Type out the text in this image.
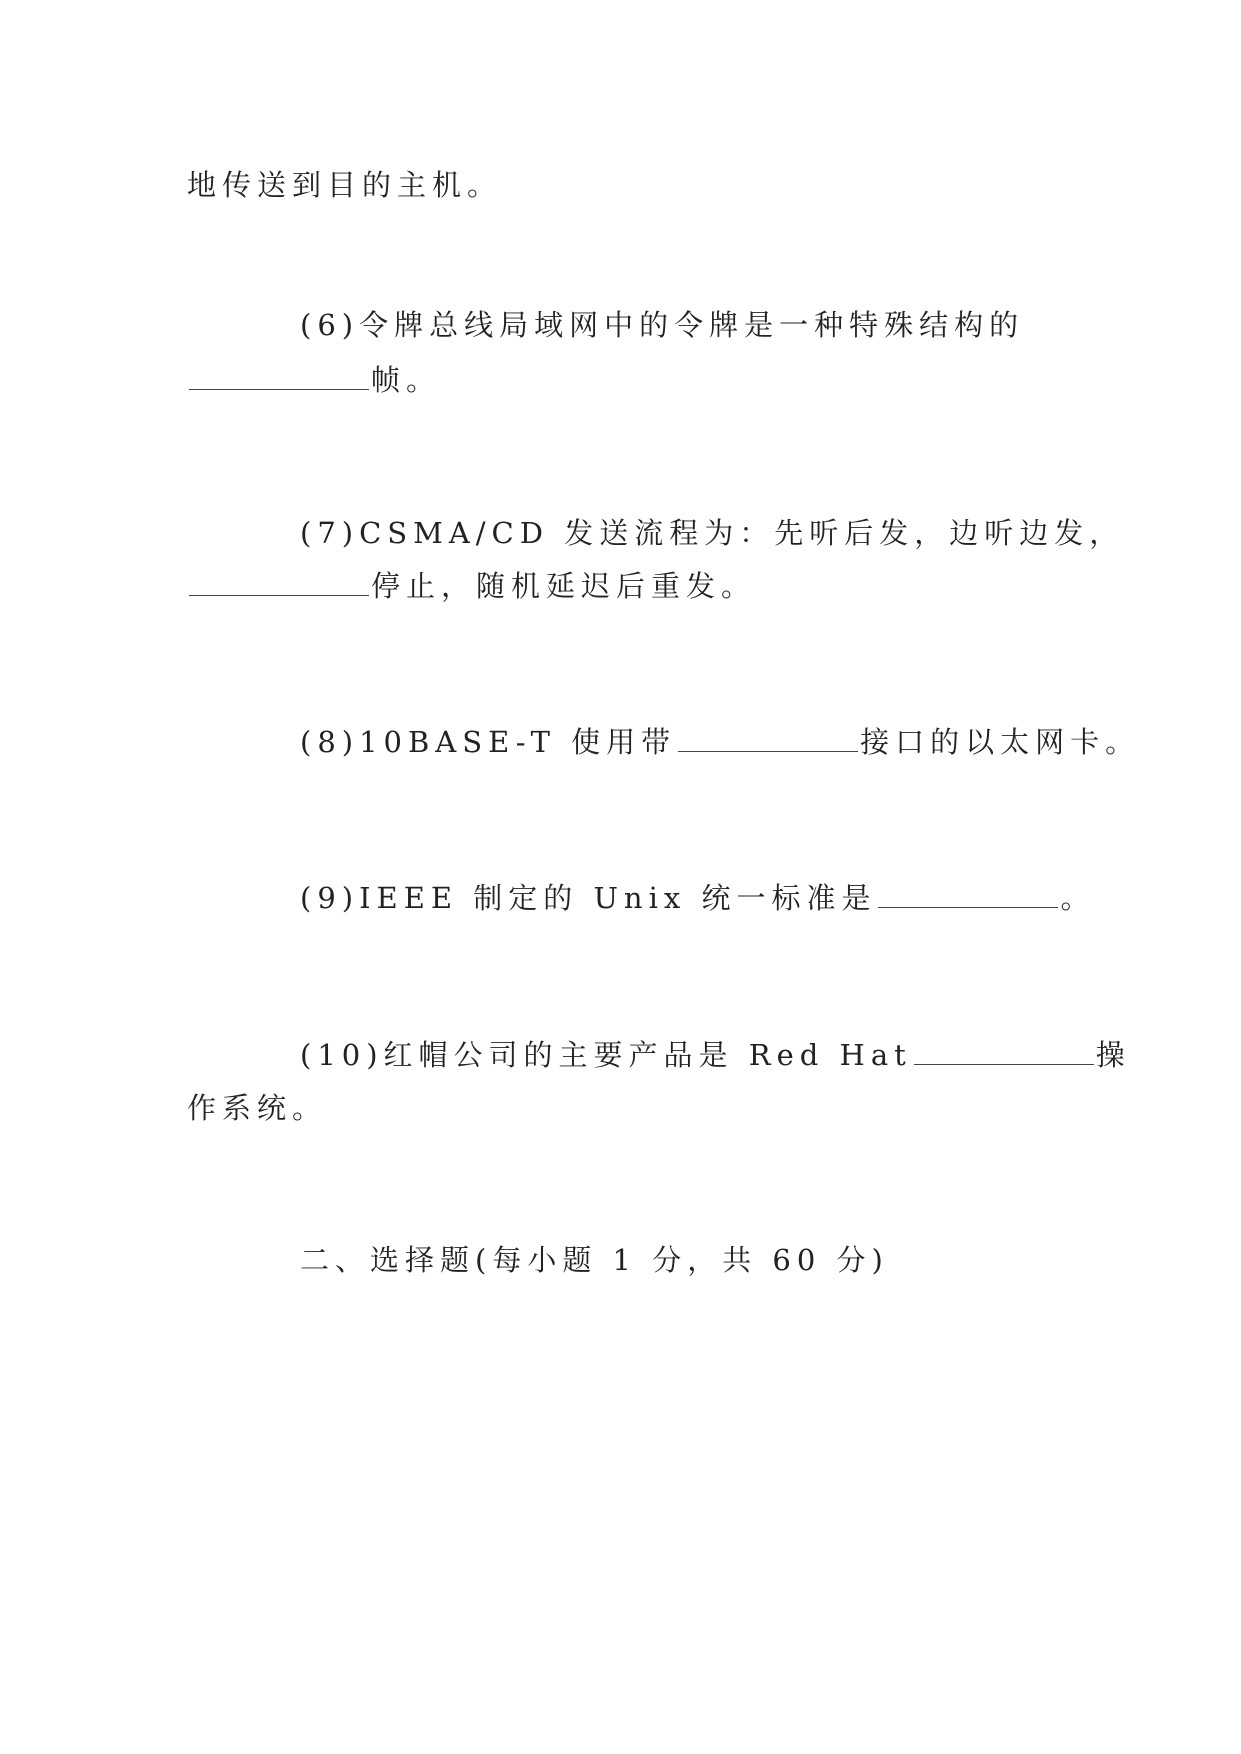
地传送到目的主机。
(6)令牌总线局域网中的令牌是一种特殊结构的
帧。
(7)CSMA/CD 发送流程为：先听后发，边听边发，
停止，随机延迟后重发。
(8)10BASE-T 使用带	接口的以太网卡。
(9)IEEE 制定的 Unix 统一标准是	。
(10)红帽公司的主要产品是 Red Hat	操
作系统。
二、选择题(每小题 1 分，共 60 分)
